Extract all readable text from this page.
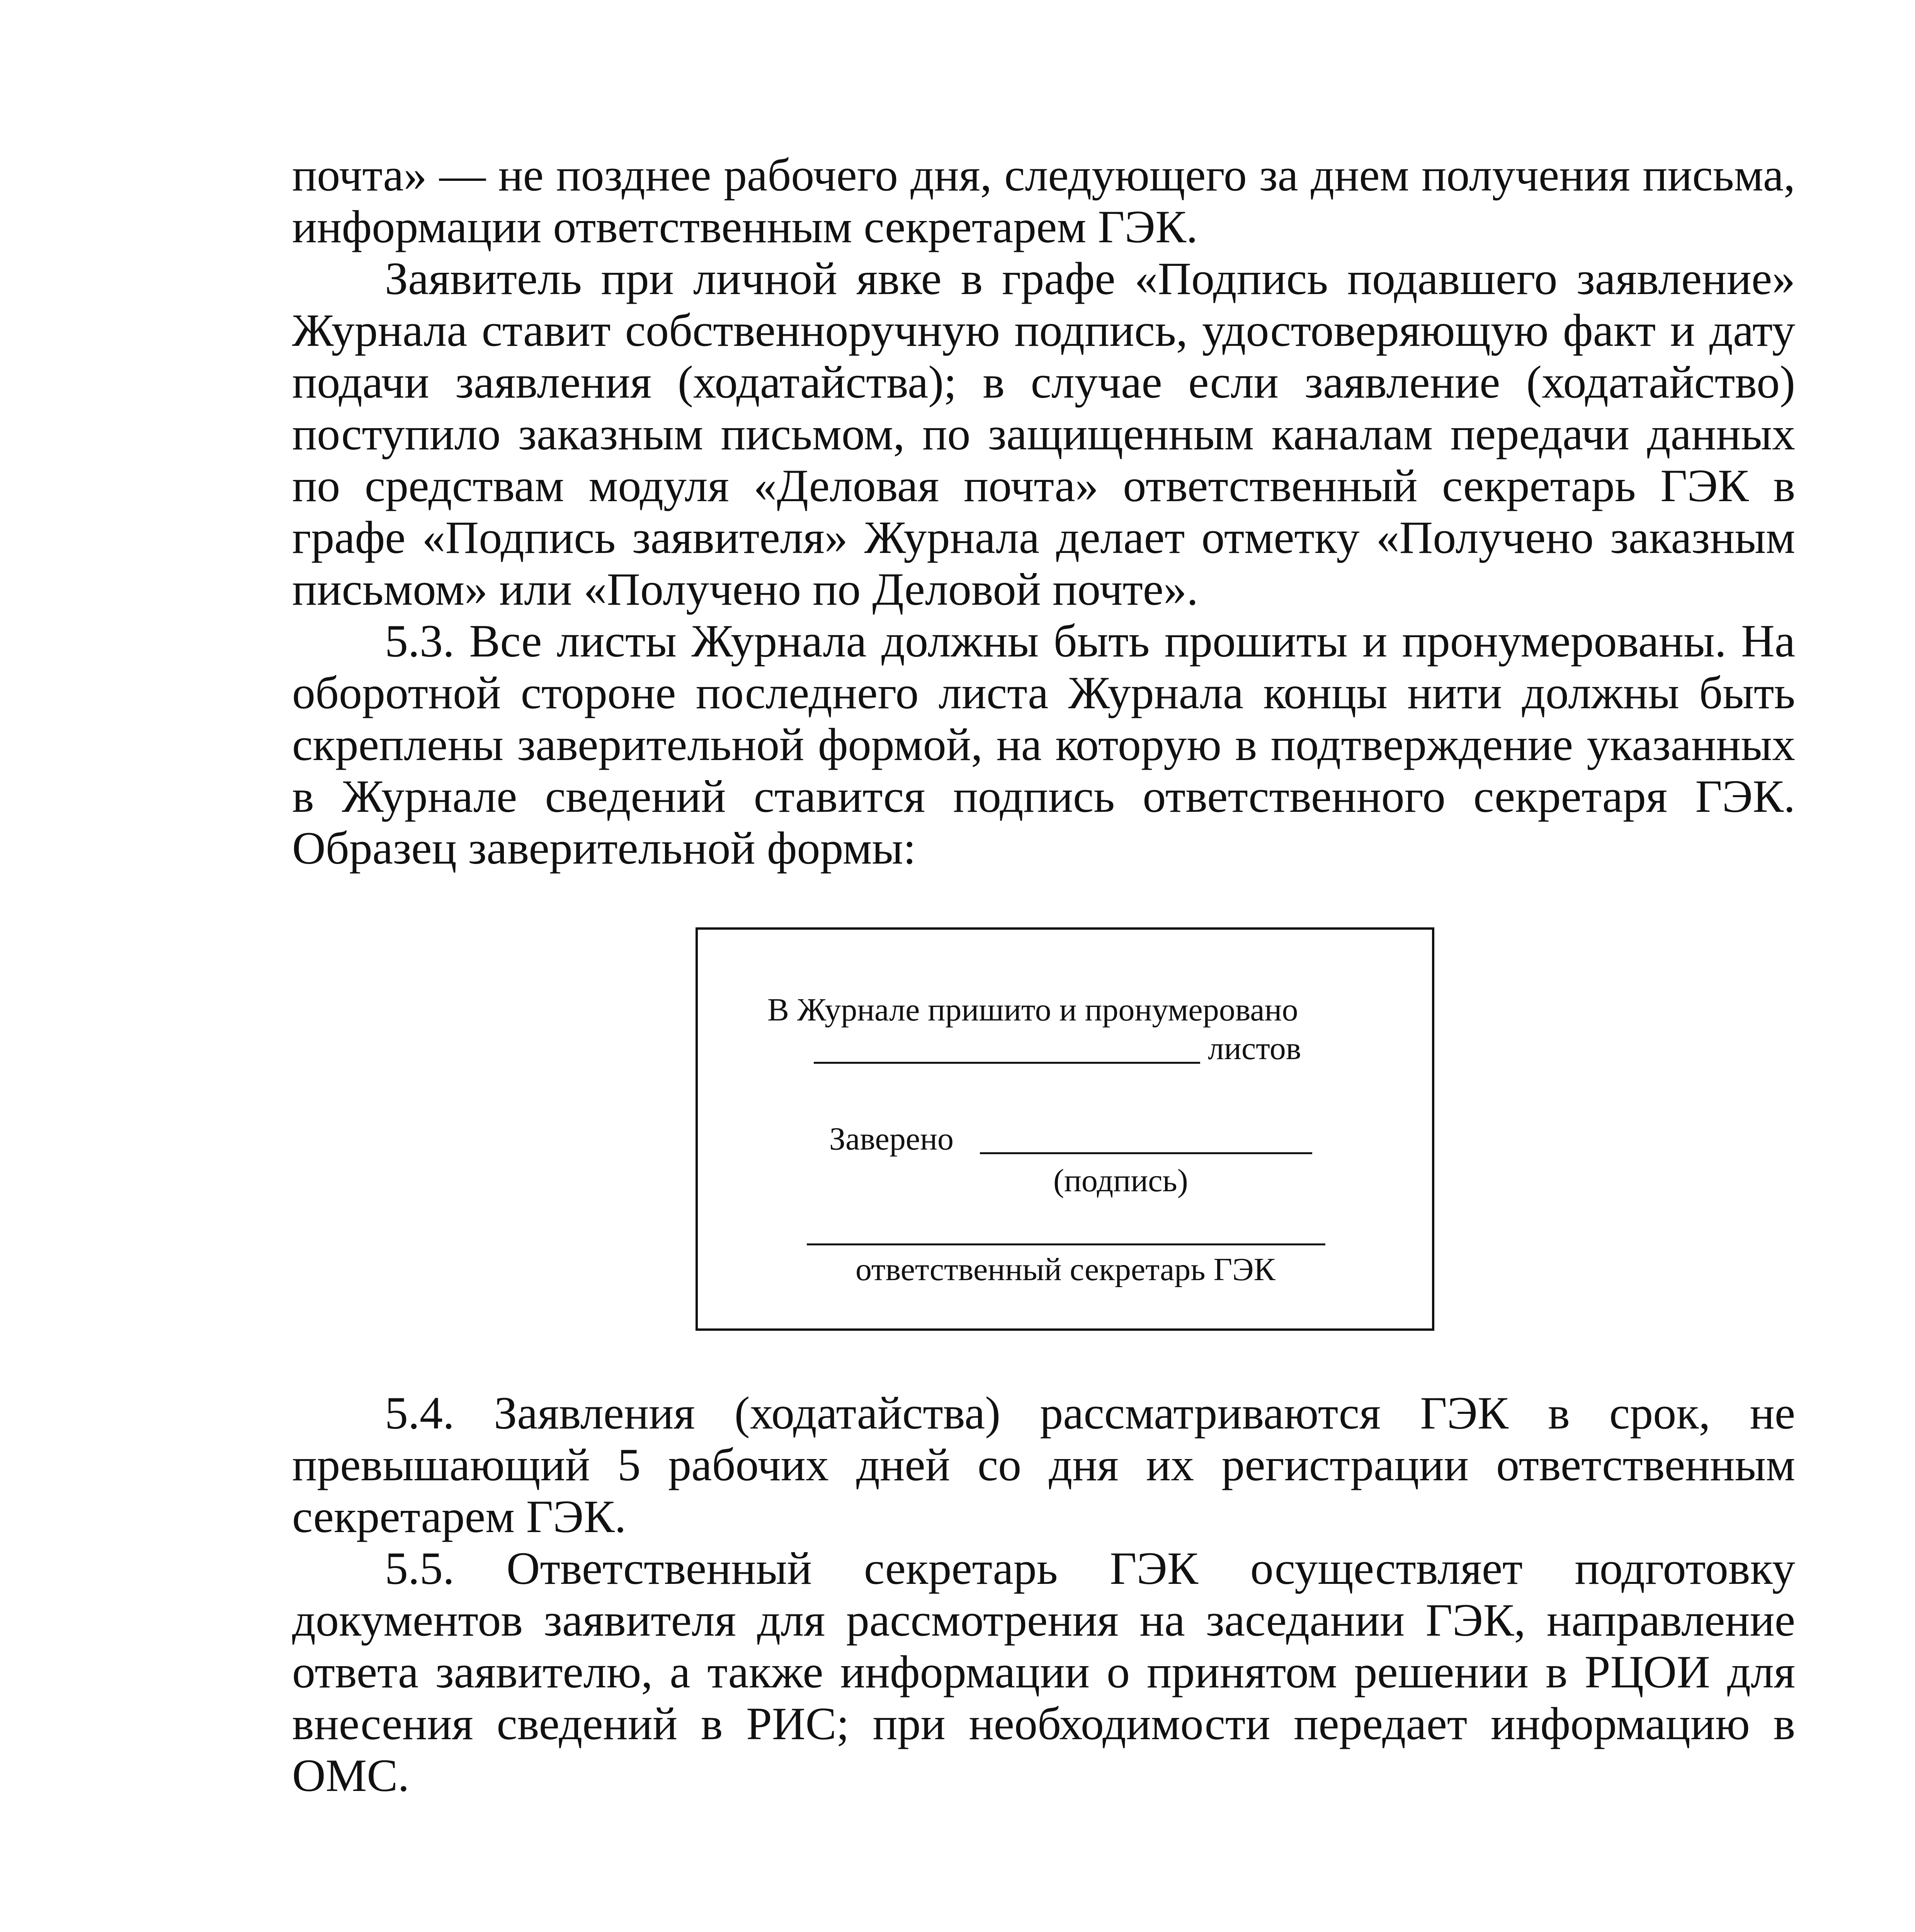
почта» — не позднее рабочего дня, следующего за днем получения письма, информации ответственным секретарем ГЭК.

Заявитель при личной явке в графе «Подпись подавшего заявление» Журнала ставит собственноручную подпись, удостоверяющую факт и дату подачи заявления (ходатайства); в случае если заявление (ходатайство) поступило заказным письмом, по защищенным каналам передачи данных по средствам модуля «Деловая почта» ответственный секретарь ГЭК в графе «Подпись заявителя» Журнала делает отметку «Получено заказным письмом» или «Получено по Деловой почте».

5.3. Все листы Журнала должны быть прошиты и пронумерованы. На оборотной стороне последнего листа Журнала концы нити должны быть скреплены заверительной формой, на которую в подтверждение указанных в Журнале сведений ставится подпись ответственного секретаря ГЭК. Образец заверительной формы:

В Журнале пришито и пронумеровано
листов
Заверено
(подпись)
ответственный секретарь ГЭК

5.4. Заявления (ходатайства) рассматриваются ГЭК в срок, не превышающий 5 рабочих дней со дня их регистрации ответственным секретарем ГЭК.

5.5. Ответственный секретарь ГЭК осуществляет подготовку документов заявителя для рассмотрения на заседании ГЭК, направление ответа заявителю, а также информации о принятом решении в РЦОИ для внесения сведений в РИС; при необходимости передает информацию в ОМС.
